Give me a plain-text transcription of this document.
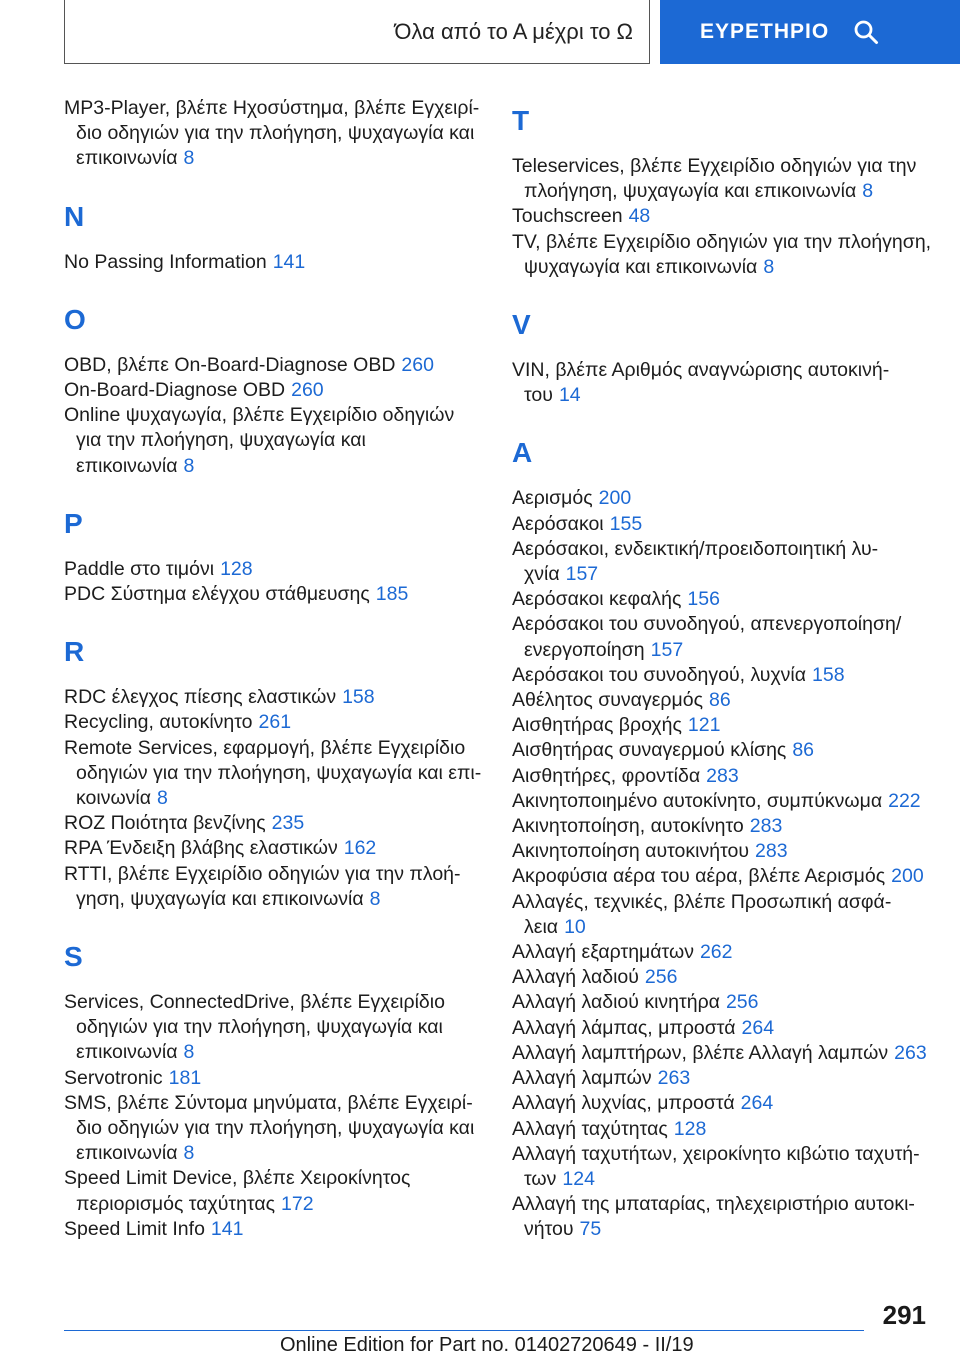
Όλα από το Α μέχρι το Ω	ΕΥΡΕΤΗΡΙΟ
MP3-Player, βλέπε Ηχοσύστημα, βλέπε Εγχειρίδιο οδηγιών για την πλοήγηση, ψυχαγωγία και επικοινωνία 8
N
No Passing Information 141
O
OBD, βλέπε On-Board-Diagnose OBD 260
On-Board-Diagnose OBD 260
Online ψυχαγωγία, βλέπε Εγχειρίδιο οδηγιών για την πλοήγηση, ψυχαγωγία και επικοινωνία 8
P
Paddle στο τιμόνι 128
PDC Σύστημα ελέγχου στάθμευσης 185
R
RDC έλεγχος πίεσης ελαστικών 158
Recycling, αυτοκίνητο 261
Remote Services, εφαρμογή, βλέπε Εγχειρίδιο οδηγιών για την πλοήγηση, ψυχαγωγία και επικοινωνία 8
ROZ Ποιότητα βενζίνης 235
RPA Ένδειξη βλάβης ελαστικών 162
RTTI, βλέπε Εγχειρίδιο οδηγιών για την πλοήγηση, ψυχαγωγία και επικοινωνία 8
S
Services, ConnectedDrive, βλέπε Εγχειρίδιο οδηγιών για την πλοήγηση, ψυχαγωγία και επικοινωνία 8
Servotronic 181
SMS, βλέπε Σύντομα μηνύματα, βλέπε Εγχειρίδιο οδηγιών για την πλοήγηση, ψυχαγωγία και επικοινωνία 8
Speed Limit Device, βλέπε Χειροκίνητος περιορισμός ταχύτητας 172
Speed Limit Info 141
T
Teleservices, βλέπε Εγχειρίδιο οδηγιών για την πλοήγηση, ψυχαγωγία και επικοινωνία 8
Touchscreen 48
TV, βλέπε Εγχειρίδιο οδηγιών για την πλοήγηση, ψυχαγωγία και επικοινωνία 8
V
VIN, βλέπε Αριθμός αναγνώρισης αυτοκινήτου 14
Α
Αερισμός 200
Αερόσακοι 155
Αερόσακοι, ενδεικτική/προειδοποιητική λυχνία 157
Αερόσακοι κεφαλής 156
Αερόσακοι του συνοδηγού, απενεργοποίηση/ ενεργοποίηση 157
Αερόσακοι του συνοδηγού, λυχνία 158
Αθέλητος συναγερμός 86
Αισθητήρας βροχής 121
Αισθητήρας συναγερμού κλίσης 86
Αισθητήρες, φροντίδα 283
Ακινητοποιημένο αυτοκίνητο, συμπύκνωμα 222
Ακινητοποίηση, αυτοκίνητο 283
Ακινητοποίηση αυτοκινήτου 283
Ακροφύσια αέρα του αέρα, βλέπε Αερισμός 200
Αλλαγές, τεχνικές, βλέπε Προσωπική ασφάλεια 10
Αλλαγή εξαρτημάτων 262
Αλλαγή λαδιού 256
Αλλαγή λαδιού κινητήρα 256
Αλλαγή λάμπας, μπροστά 264
Αλλαγή λαμπτήρων, βλέπε Αλλαγή λαμπών 263
Αλλαγή λαμπών 263
Αλλαγή λυχνίας, μπροστά 264
Αλλαγή ταχύτητας 128
Αλλαγή ταχυτήτων, χειροκίνητο κιβώτιο ταχυτήτων 124
Αλλαγή της μπαταρίας, τηλεχειριστήριο αυτοκινήτου 75
291
Online Edition for Part no. 01402720649 - II/19
